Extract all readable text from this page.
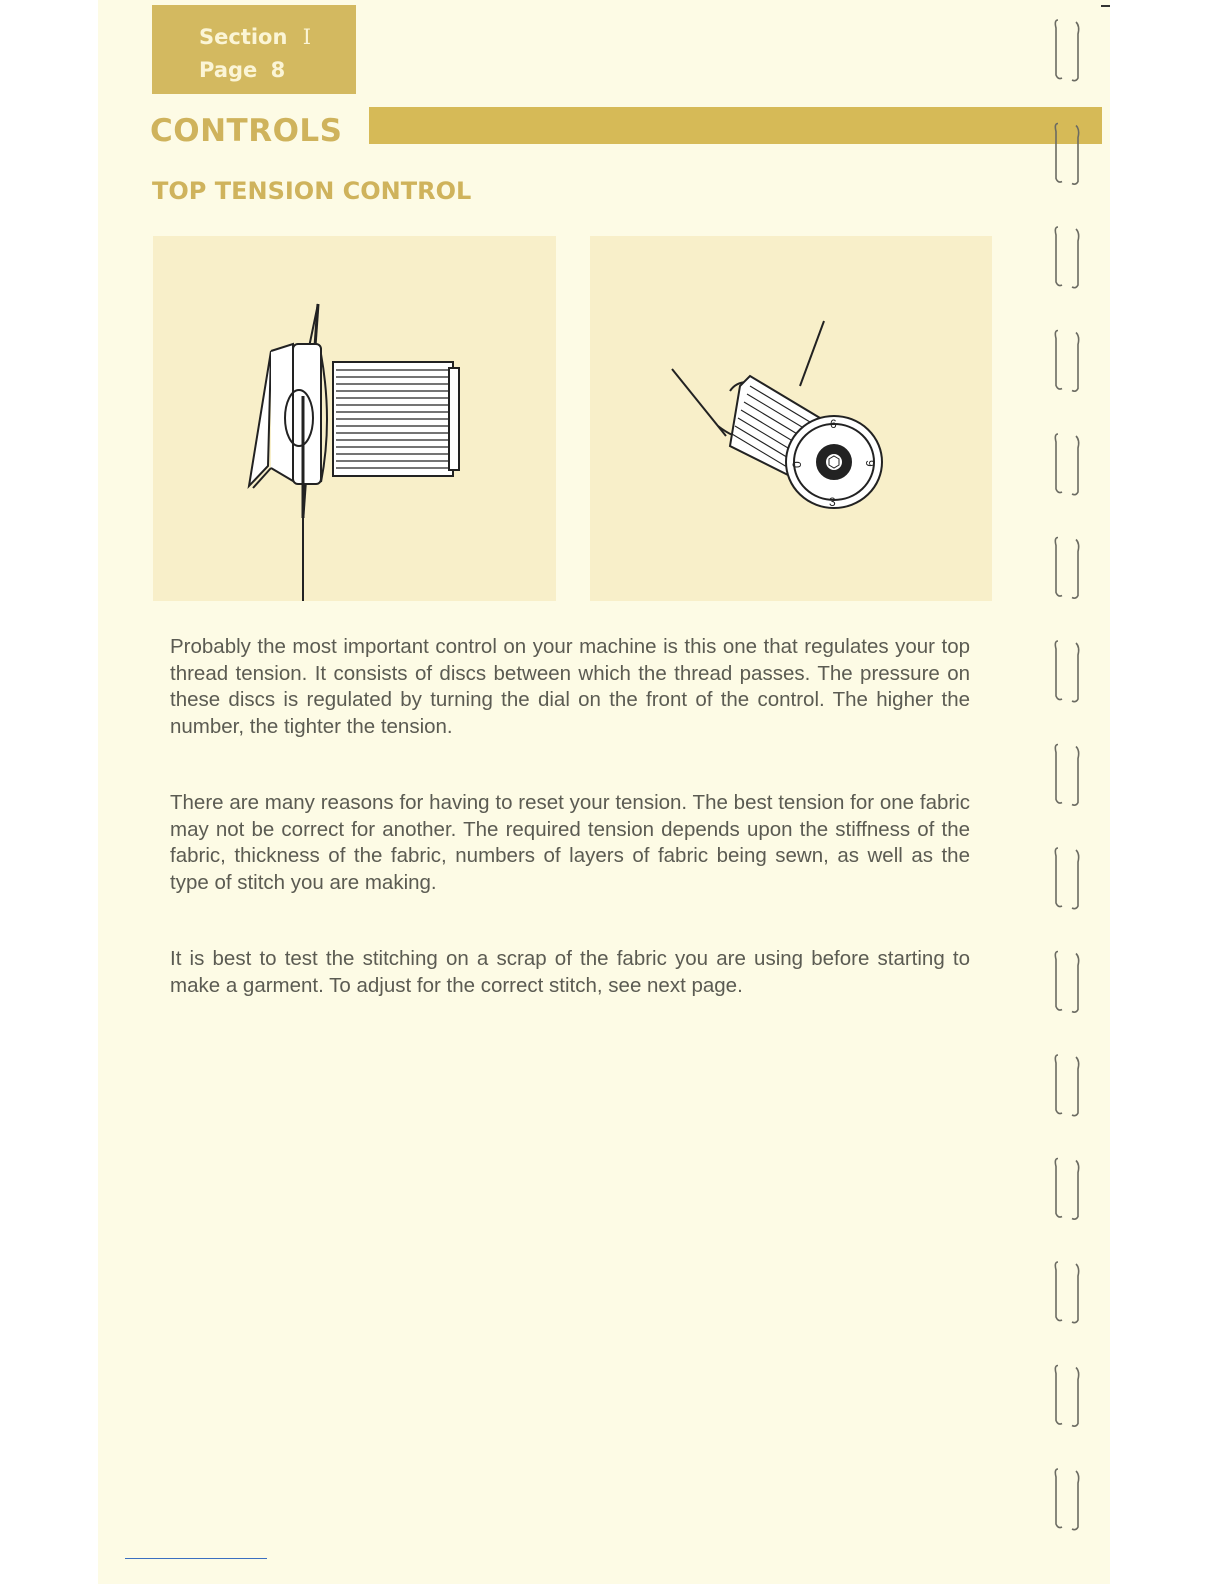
Section I
Page 8
CONTROLS
TOP TENSION CONTROL
6
0	9
3

Probably the most important control on your machine is this one that regulates your top thread tension. It consists of discs between which the thread passes. The pressure on these discs is regulated by turning the dial on the front of the control. The higher the number, the tighter the tension.

There are many reasons for having to reset your tension. The best tension for one fabric may not be correct for another. The required tension depends upon the stiffness of the fabric, thickness of the fabric, numbers of layers of fabric being sewn, as well as the type of stitch you are making.

It is best to test the stitching on a scrap of the fabric you are using before starting to make a garment. To adjust for the correct stitch, see next page.
